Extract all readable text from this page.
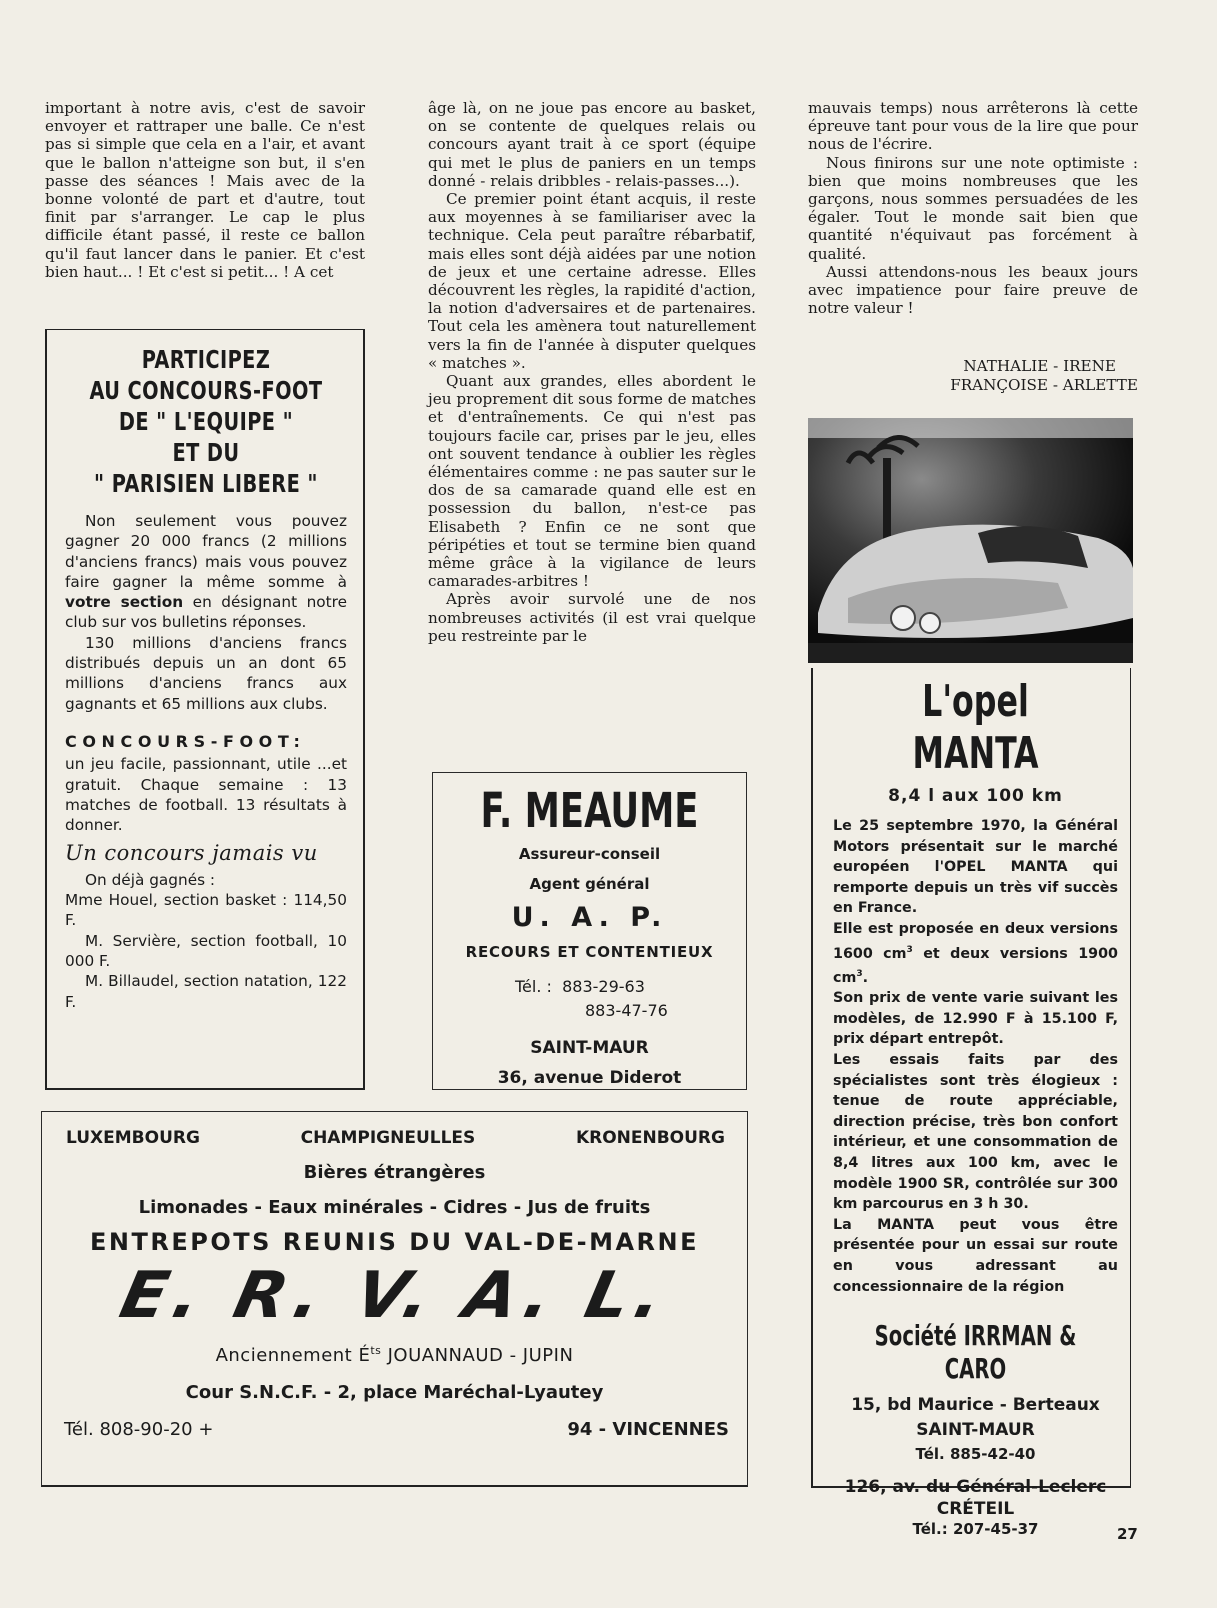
important à notre avis, c'est de savoir envoyer et rattraper une balle. Ce n'est pas si simple que cela en a l'air, et avant que le ballon n'atteigne son but, il s'en passe des séances ! Mais avec de la bonne volonté de part et d'autre, tout finit par s'arranger. Le cap le plus difficile étant passé, il reste ce ballon qu'il faut lancer dans le panier. Et c'est bien haut... ! Et c'est si petit... ! A cet

PARTICIPEZ
AU CONCOURS-FOOT
DE " L'EQUIPE "
ET DU
" PARISIEN LIBERE "

Non seulement vous pouvez gagner 20 000 francs (2 millions d'anciens francs) mais vous pouvez faire gagner la même somme à votre section en désignant notre club sur vos bulletins réponses.

130 millions d'anciens francs distribués depuis un an dont 65 millions d'anciens francs aux gagnants et 65 millions aux clubs.

CONCOURS-FOOT:

un jeu facile, passionnant, utile ...et gratuit. Chaque semaine : 13 matches de football. 13 résultats à donner.

Un concours jamais vu

On déjà gagnés :

Mme Houel, section basket : 114,50 F.

M. Servière, section football, 10 000 F.

M. Billaudel, section natation, 122 F.

âge là, on ne joue pas encore au basket, on se contente de quelques relais ou concours ayant trait à ce sport (équipe qui met le plus de paniers en un temps donné - relais dribbles - relais-passes...).

Ce premier point étant acquis, il reste aux moyennes à se familiariser avec la technique. Cela peut paraître rébarbatif, mais elles sont déjà aidées par une notion de jeux et une certaine adresse. Elles découvrent les règles, la rapidité d'action, la notion d'adversaires et de partenaires. Tout cela les amènera tout naturellement vers la fin de l'année à disputer quelques « matches ».

Quant aux grandes, elles abordent le jeu proprement dit sous forme de matches et d'entraînements. Ce qui n'est pas toujours facile car, prises par le jeu, elles ont souvent tendance à oublier les règles élémentaires comme : ne pas sauter sur le dos de sa camarade quand elle est en possession du ballon, n'est-ce pas Elisabeth ? Enfin ce ne sont que péripéties et tout se termine bien quand même grâce à la vigilance de leurs camarades-arbitres !

Après avoir survolé une de nos nombreuses activités (il est vrai quelque peu restreinte par le

F. MEAUME
Assureur-conseil
Agent général
U. A. P.
RECOURS ET CONTENTIEUX
Tél. : 883-29-63
883-47-76
SAINT-MAUR
36, avenue Diderot

mauvais temps) nous arrêterons là cette épreuve tant pour vous de la lire que pour nous de l'écrire.

Nous finirons sur une note optimiste : bien que moins nombreuses que les garçons, nous sommes persuadées de les égaler. Tout le monde sait bien que quantité n'équivaut pas forcément à qualité.

Aussi attendons-nous les beaux jours avec impatience pour faire preuve de notre valeur !

NATHALIE - IRENE
FRANÇOISE - ARLETTE
L'opel MANTA
8,4 l aux 100 km

Le 25 septembre 1970, la Général Motors présentait sur le marché européen l'OPEL MANTA qui remporte depuis un très vif succès en France.

Elle est proposée en deux versions 1600 $cm^3$ et deux versions 1900 $cm^3$.

Son prix de vente varie suivant les modèles, de 12.990 F à 15.100 F, prix départ entrepôt.

Les essais faits par des spécialistes sont très élogieux : tenue de route appréciable, direction précise, très bon confort intérieur, et une consommation de 8,4 litres aux 100 km, avec le modèle 1900 SR, contrôlée sur 300 km parcourus en 3 h 30.

La MANTA peut vous être présentée pour un essai sur route en vous adressant au concessionnaire de la région

Société IRRMAN & CARO
15, bd Maurice - Berteaux
SAINT-MAUR
Tél. 885-42-40
126, av. du Général-Leclerc
CRÉTEIL
Tél.: 207-45-37
LUXEMBOURG	CHAMPIGNEULLES	KRONENBOURG
Bières étrangères
Limonades - Eaux minérales - Cidres - Jus de fruits
ENTREPOTS REUNIS DU VAL-DE-MARNE
E. R. V. A. L.
Anciennement $É^{ts}$ JOUANNAUD - JUPIN
Cour S.N.C.F. - 2, place Maréchal-Lyautey
Tél. 808-90-20 +	94 - VINCENNES
27
